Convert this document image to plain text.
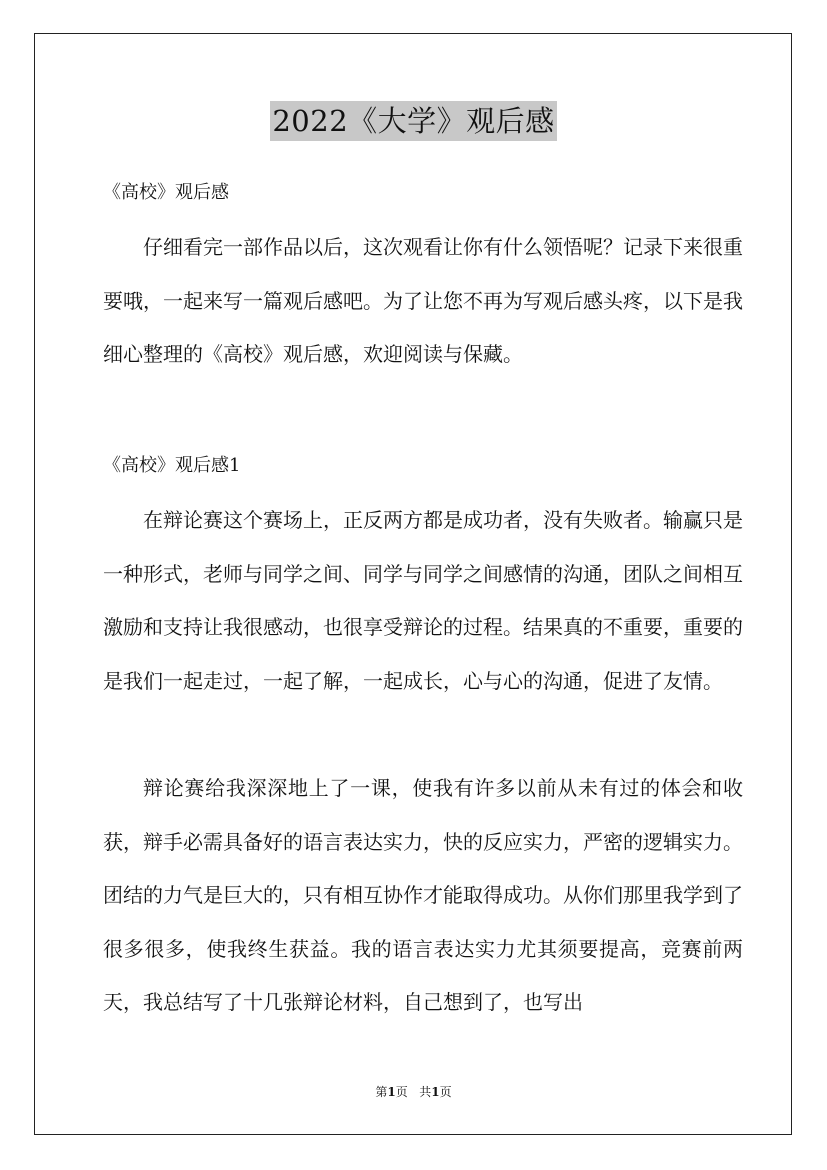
2022《大学》观后感
《高校》观后感

仔细看完一部作品以后，这次观看让你有什么领悟呢？记录下来很重要哦，一起来写一篇观后感吧。为了让您不再为写观后感头疼，以下是我细心整理的《高校》观后感，欢迎阅读与保藏。

《高校》观后感1

在辩论赛这个赛场上，正反两方都是成功者，没有失败者。输赢只是一种形式，老师与同学之间、同学与同学之间感情的沟通，团队之间相互激励和支持让我很感动，也很享受辩论的过程。结果真的不重要，重要的是我们一起走过，一起了解，一起成长，心与心的沟通，促进了友情。

辩论赛给我深深地上了一课，使我有许多以前从未有过的体会和收获，辩手必需具备好的语言表达实力，快的反应实力，严密的逻辑实力。团结的力气是巨大的，只有相互协作才能取得成功。从你们那里我学到了很多很多，使我终生获益。我的语言表达实力尤其须要提高，竞赛前两天，我总结写了十几张辩论材料，自己想到了，也写出

第1页 共1页
